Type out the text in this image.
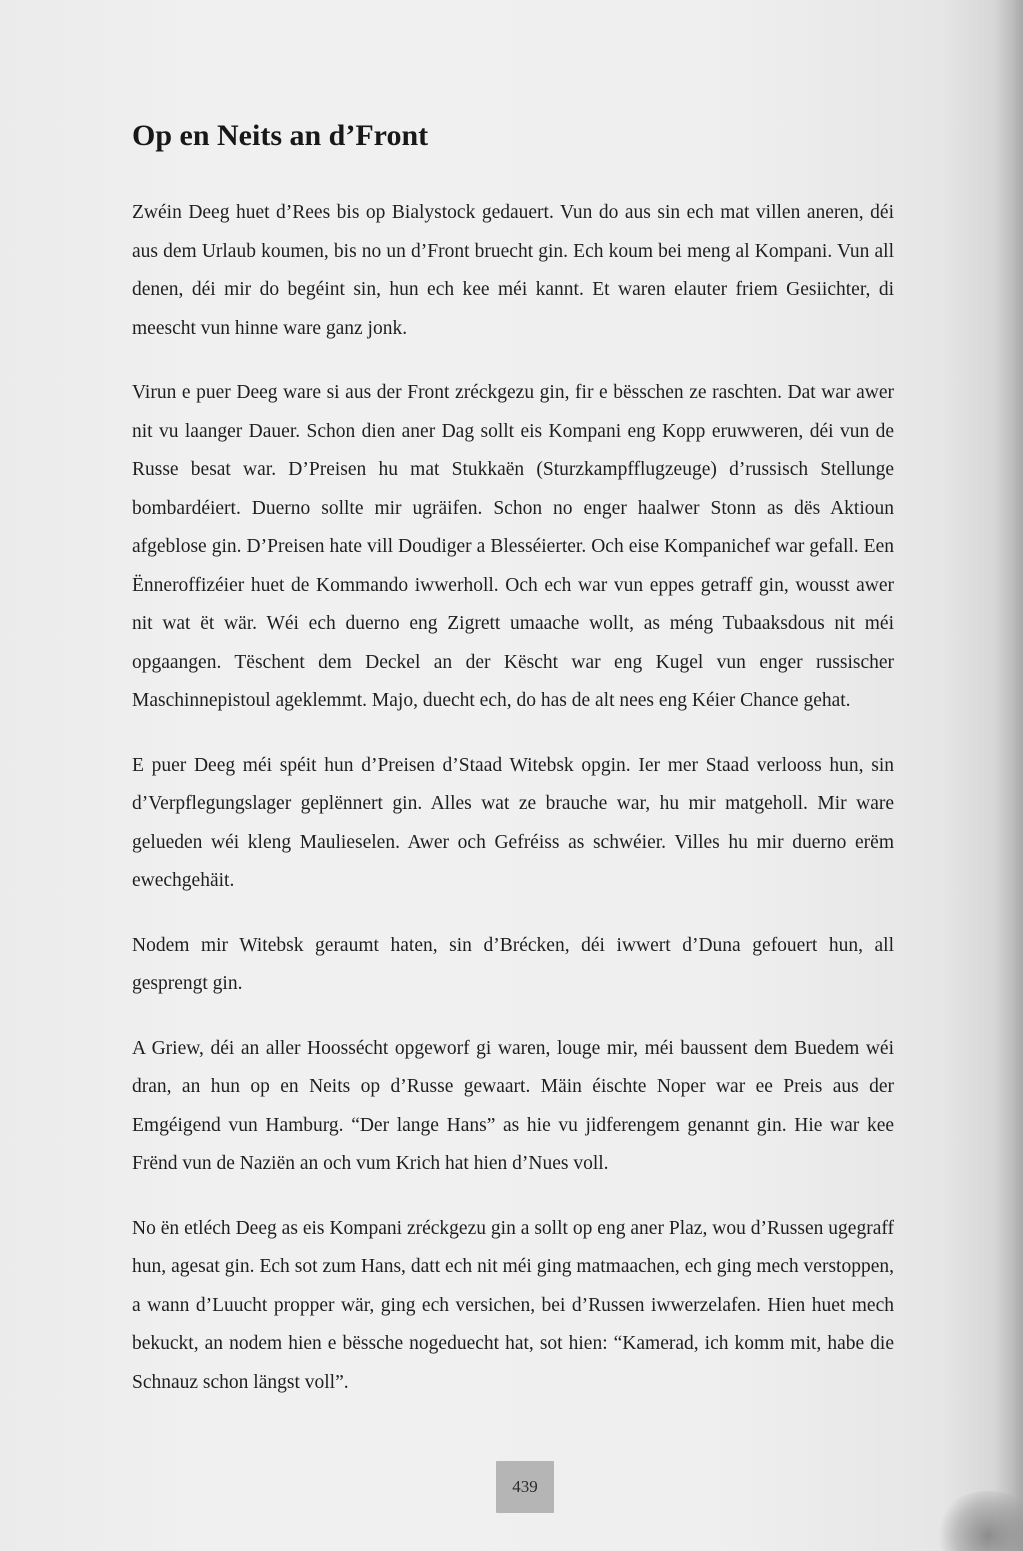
Op en Neits an d’Front

Zwéin Deeg huet d’Rees bis op Bialystock gedauert. Vun do aus sin ech mat villen aneren, déi aus dem Urlaub koumen, bis no un d’Front bruecht gin. Ech koum bei meng al Kompani. Vun all denen, déi mir do begéint sin, hun ech kee méi kannt. Et waren elauter friem Gesiichter, di meescht vun hinne ware ganz jonk.

Virun e puer Deeg ware si aus der Front zréckgezu gin, fir e bësschen ze raschten. Dat war awer nit vu laanger Dauer. Schon dien aner Dag sollt eis Kompani eng Kopp eruwweren, déi vun de Russe besat war. D’Preisen hu mat Stukkaën (Sturzkampfflugzeuge) d’russisch Stellunge bombardéiert. Duerno sollte mir ugräifen. Schon no enger haalwer Stonn as dës Aktioun afgeblose gin. D’Preisen hate vill Doudiger a Blesséierter. Och eise Kompanichef war gefall. Een Ënneroffizéier huet de Kommando iwwerholl. Och ech war vun eppes getraff gin, wousst awer nit wat ët wär. Wéi ech duerno eng Zigrett umaache wollt, as méng Tubaaksdous nit méi opgaangen. Tëschent dem Deckel an der Këscht war eng Kugel vun enger russischer Maschinnepistoul ageklemmt. Majo, duecht ech, do has de alt nees eng Kéier Chance gehat.

E puer Deeg méi spéit hun d’Preisen d’Staad Witebsk opgin. Ier mer Staad verlooss hun, sin d’Verpflegungslager geplënnert gin. Alles wat ze brauche war, hu mir matgeholl. Mir ware gelueden wéi kleng Maulieselen. Awer och Gefréiss as schwéier. Villes hu mir duerno erëm ewechgehäit.

Nodem mir Witebsk geraumt haten, sin d’Brécken, déi iwwert d’Duna gefouert hun, all gesprengt gin.

A Griew, déi an aller Hoossécht opgeworf gi waren, louge mir, méi baussent dem Buedem wéi dran, an hun op en Neits op d’Russe gewaart. Mäin éischte Noper war ee Preis aus der Emgéigend vun Hamburg. “Der lange Hans” as hie vu jidferengem genannt gin. Hie war kee Frënd vun de Naziën an och vum Krich hat hien d’Nues voll.

No ën etléch Deeg as eis Kompani zréckgezu gin a sollt op eng aner Plaz, wou d’Russen ugegraff hun, agesat gin. Ech sot zum Hans, datt ech nit méi ging matmaachen, ech ging mech verstoppen, a wann d’Luucht propper wär, ging ech versichen, bei d’Russen iwwerzelafen. Hien huet mech bekuckt, an nodem hien e bëssche nogeduecht hat, sot hien: “Kamerad, ich komm mit, habe die Schnauz schon längst voll”.

439
